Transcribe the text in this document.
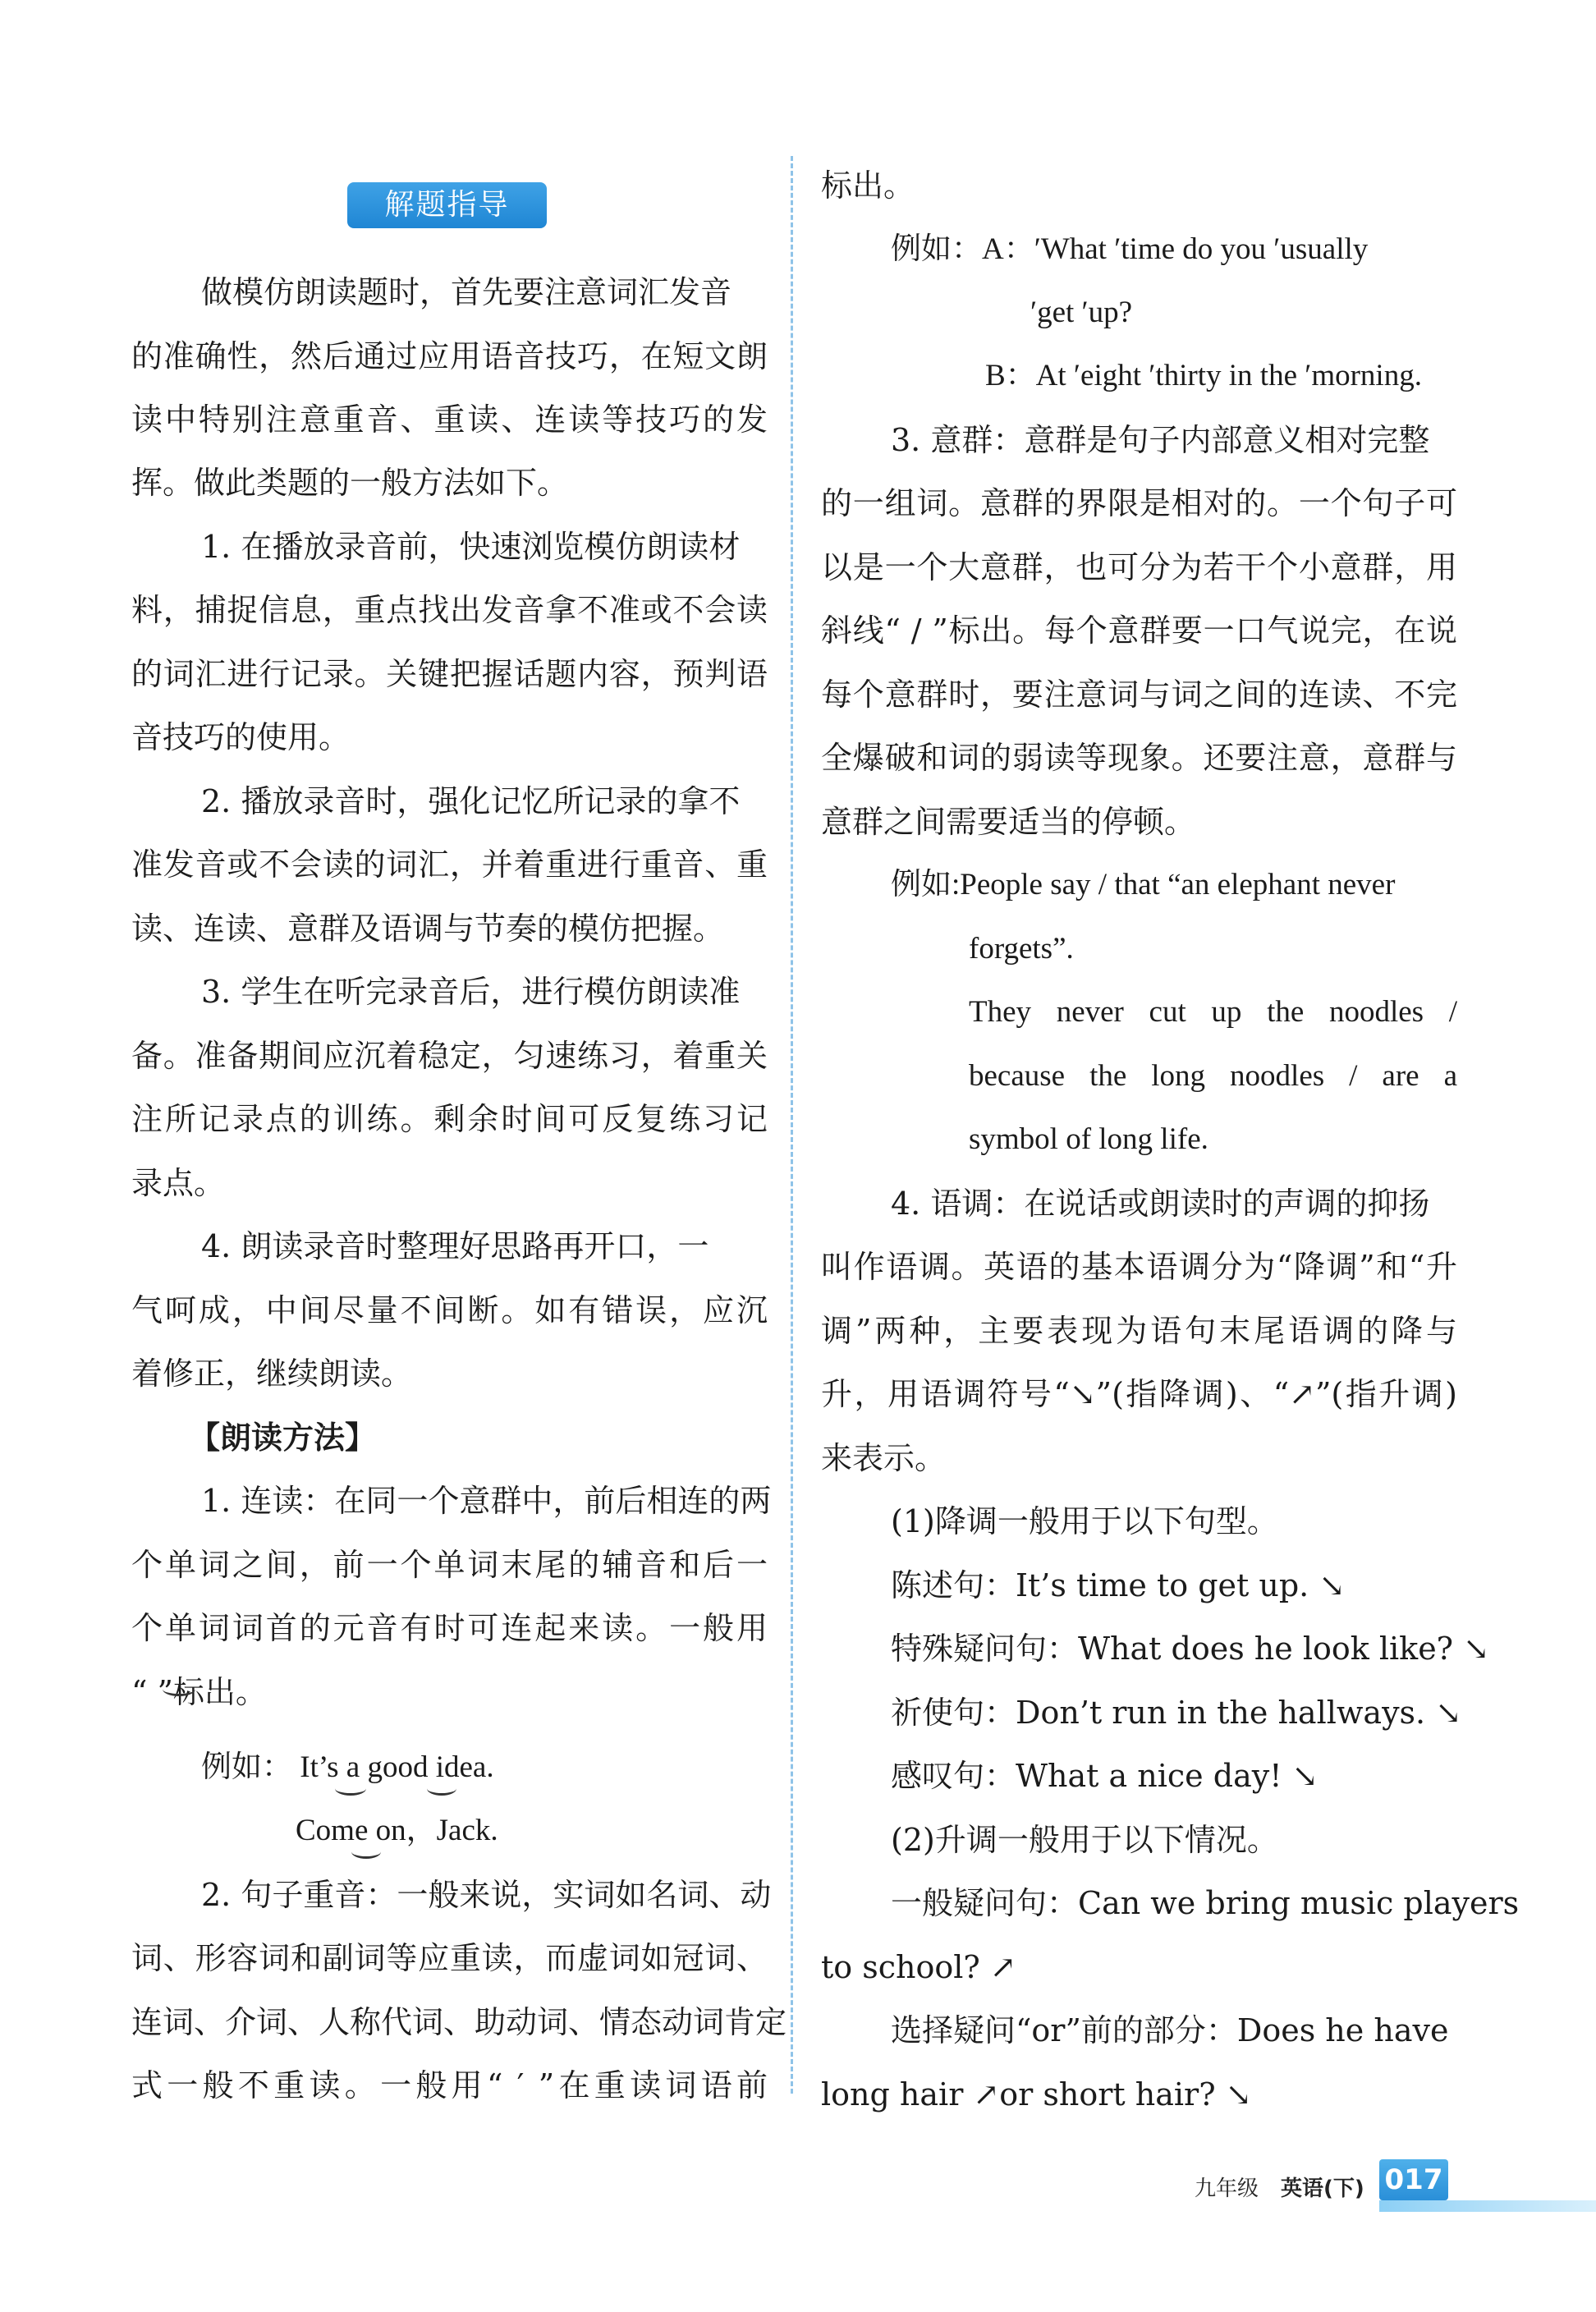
解题指导
做模仿朗读题时，首先要注意词汇发音
的准确性，然后通过应用语音技巧，在短文朗
读中特别注意重音、重读、连读等技巧的发
挥。做此类题的一般方法如下。
1. 在播放录音前，快速浏览模仿朗读材
料，捕捉信息，重点找出发音拿不准或不会读
的词汇进行记录。关键把握话题内容，预判语
音技巧的使用。
2. 播放录音时，强化记忆所记录的拿不
准发音或不会读的词汇，并着重进行重音、重
读、连读、意群及语调与节奏的模仿把握。
3. 学生在听完录音后，进行模仿朗读准
备。准备期间应沉着稳定，匀速练习，着重关
注所记录点的训练。剩余时间可反复练习记
录点。
4. 朗读录音时整理好思路再开口，一
气呵成，中间尽量不间断。如有错误，应沉
着修正，继续朗读。
【朗读方法】
1. 连读：在同一个意群中，前后相连的两
个单词之间，前一个单词末尾的辅音和后一
个单词词首的元音有时可连起来读。一般用
“ ”标出。
例如： It’s a good idea.
Come on，Jack.
2. 句子重音：一般来说，实词如名词、动
词、形容词和副词等应重读，而虚词如冠词、
连词、介词、人称代词、助动词、情态动词肯定
式一般不重读。一般用“ ′ ”在重读词语前
标出。
例如：A：′What ′time do you ′usually
′get ′up?
B：At ′eight ′thirty in the ′morning.
3. 意群：意群是句子内部意义相对完整
的一组词。意群的界限是相对的。一个句子可
以是一个大意群，也可分为若干个小意群，用
斜线“ / ”标出。每个意群要一口气说完，在说
每个意群时，要注意词与词之间的连读、不完
全爆破和词的弱读等现象。还要注意，意群与
意群之间需要适当的停顿。
例如:People say / that “an elephant never
forgets”.
They never cut up the noodles /
because the long noodles / are a
symbol of long life.
4. 语调：在说话或朗读时的声调的抑扬
叫作语调。英语的基本语调分为“降调”和“升
调”两种，主要表现为语句末尾语调的降与
升，用语调符号“↘”(指降调)、“↗”(指升调)
来表示。
(1)降调一般用于以下句型。
陈述句：It’s time to get up. ↘
特殊疑问句：What does he look like? ↘
祈使句：Don’t run in the hallways. ↘
感叹句：What a nice day! ↘
(2)升调一般用于以下情况。
一般疑问句：Can we bring music players
to school? ↗
选择疑问“or”前的部分：Does he have
long hair ↗or short hair? ↘
九年级 英语(下) 017
